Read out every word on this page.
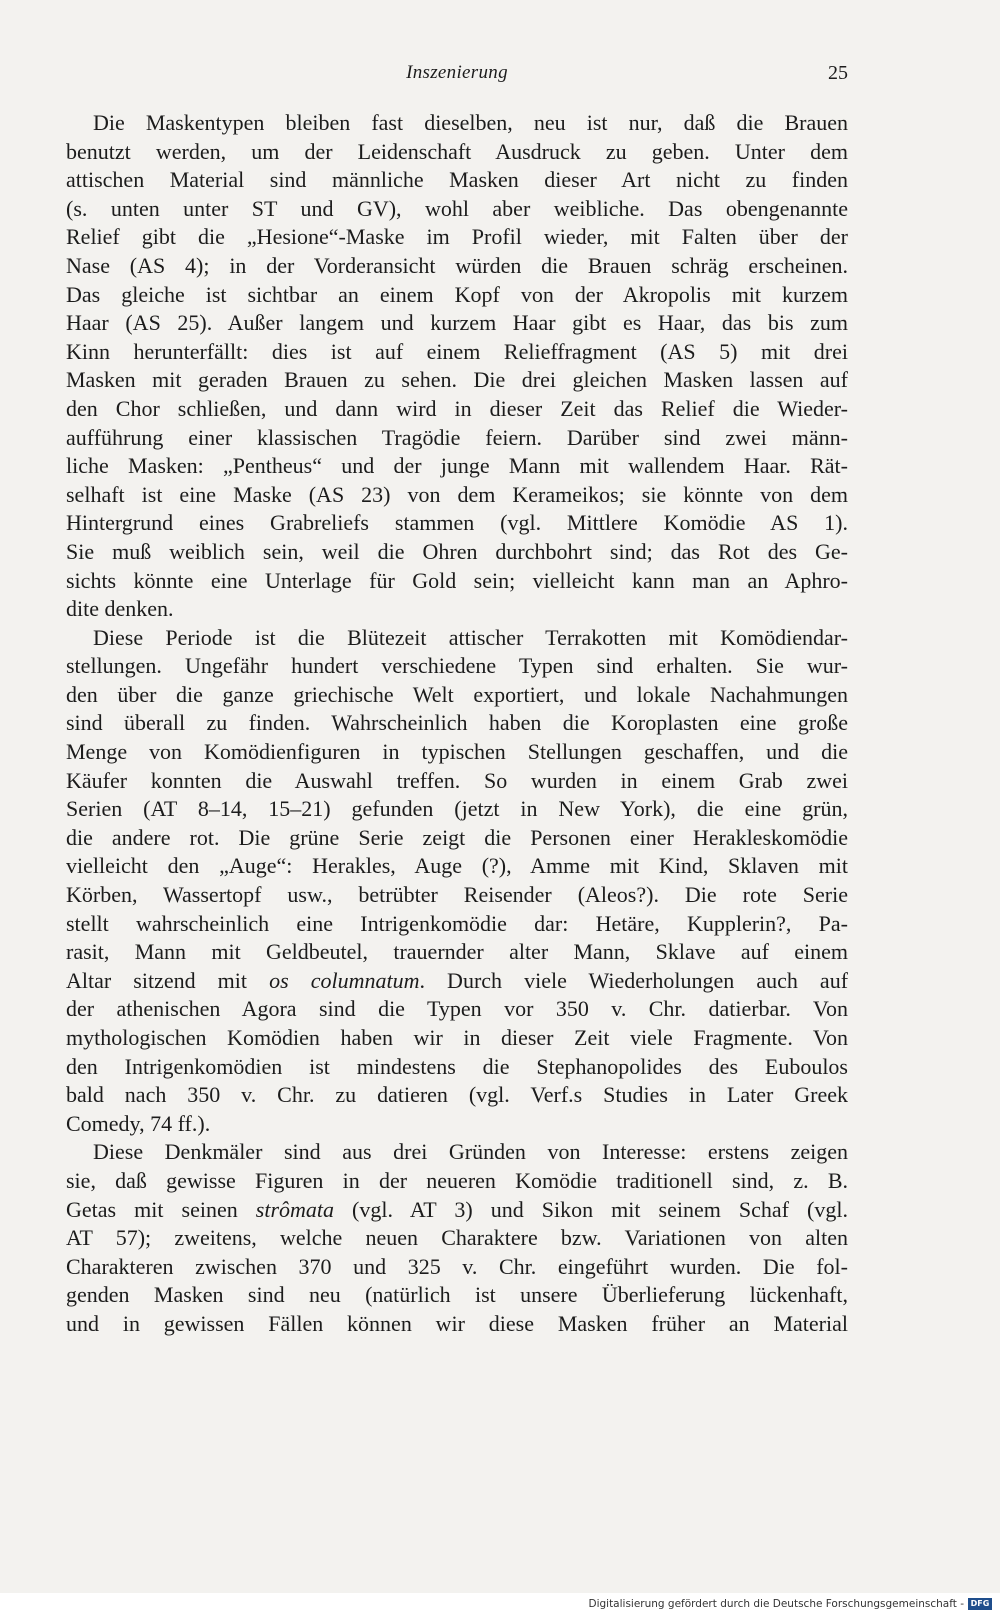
Inszenierung	25
Die Maskentypen bleiben fast dieselben, neu ist nur, daß die Brauen
benutzt werden, um der Leidenschaft Ausdruck zu geben. Unter dem
attischen Material sind männliche Masken dieser Art nicht zu finden
(s. unten unter ST und GV), wohl aber weibliche. Das obengenannte
Relief gibt die „Hesione“-Maske im Profil wieder, mit Falten über der
Nase (AS 4); in der Vorderansicht würden die Brauen schräg erscheinen.
Das gleiche ist sichtbar an einem Kopf von der Akropolis mit kurzem
Haar (AS 25). Außer langem und kurzem Haar gibt es Haar, das bis zum
Kinn herunterfällt: dies ist auf einem Relieffragment (AS 5) mit drei
Masken mit geraden Brauen zu sehen. Die drei gleichen Masken lassen auf
den Chor schließen, und dann wird in dieser Zeit das Relief die Wieder-
aufführung einer klassischen Tragödie feiern. Darüber sind zwei männ-
liche Masken: „Pentheus“ und der junge Mann mit wallendem Haar. Rät-
selhaft ist eine Maske (AS 23) von dem Kerameikos; sie könnte von dem
Hintergrund eines Grabreliefs stammen (vgl. Mittlere Komödie AS 1).
Sie muß weiblich sein, weil die Ohren durchbohrt sind; das Rot des Ge-
sichts könnte eine Unterlage für Gold sein; vielleicht kann man an Aphro-
dite denken.
Diese Periode ist die Blütezeit attischer Terrakotten mit Komödiendar-
stellungen. Ungefähr hundert verschiedene Typen sind erhalten. Sie wur-
den über die ganze griechische Welt exportiert, und lokale Nachahmungen
sind überall zu finden. Wahrscheinlich haben die Koroplasten eine große
Menge von Komödienfiguren in typischen Stellungen geschaffen, und die
Käufer konnten die Auswahl treffen. So wurden in einem Grab zwei
Serien (AT 8–14, 15–21) gefunden (jetzt in New York), die eine grün,
die andere rot. Die grüne Serie zeigt die Personen einer Herakleskomödie
vielleicht den „Auge“: Herakles, Auge (?), Amme mit Kind, Sklaven mit
Körben, Wassertopf usw., betrübter Reisender (Aleos?). Die rote Serie
stellt wahrscheinlich eine Intrigenkomödie dar: Hetäre, Kupplerin?, Pa-
rasit, Mann mit Geldbeutel, trauernder alter Mann, Sklave auf einem
Altar sitzend mit os columnatum. Durch viele Wiederholungen auch auf
der athenischen Agora sind die Typen vor 350 v. Chr. datierbar. Von
mythologischen Komödien haben wir in dieser Zeit viele Fragmente. Von
den Intrigenkomödien ist mindestens die Stephanopolides des Euboulos
bald nach 350 v. Chr. zu datieren (vgl. Verf.s Studies in Later Greek
Comedy, 74 ff.).
Diese Denkmäler sind aus drei Gründen von Interesse: erstens zeigen
sie, daß gewisse Figuren in der neueren Komödie traditionell sind, z. B.
Getas mit seinen strômata (vgl. AT 3) und Sikon mit seinem Schaf (vgl.
AT 57); zweitens, welche neuen Charaktere bzw. Variationen von alten
Charakteren zwischen 370 und 325 v. Chr. eingeführt wurden. Die fol-
genden Masken sind neu (natürlich ist unsere Überlieferung lückenhaft,
und in gewissen Fällen können wir diese Masken früher an Material
Digitalisierung gefördert durch die Deutsche Forschungsgemeinschaft - DFG
